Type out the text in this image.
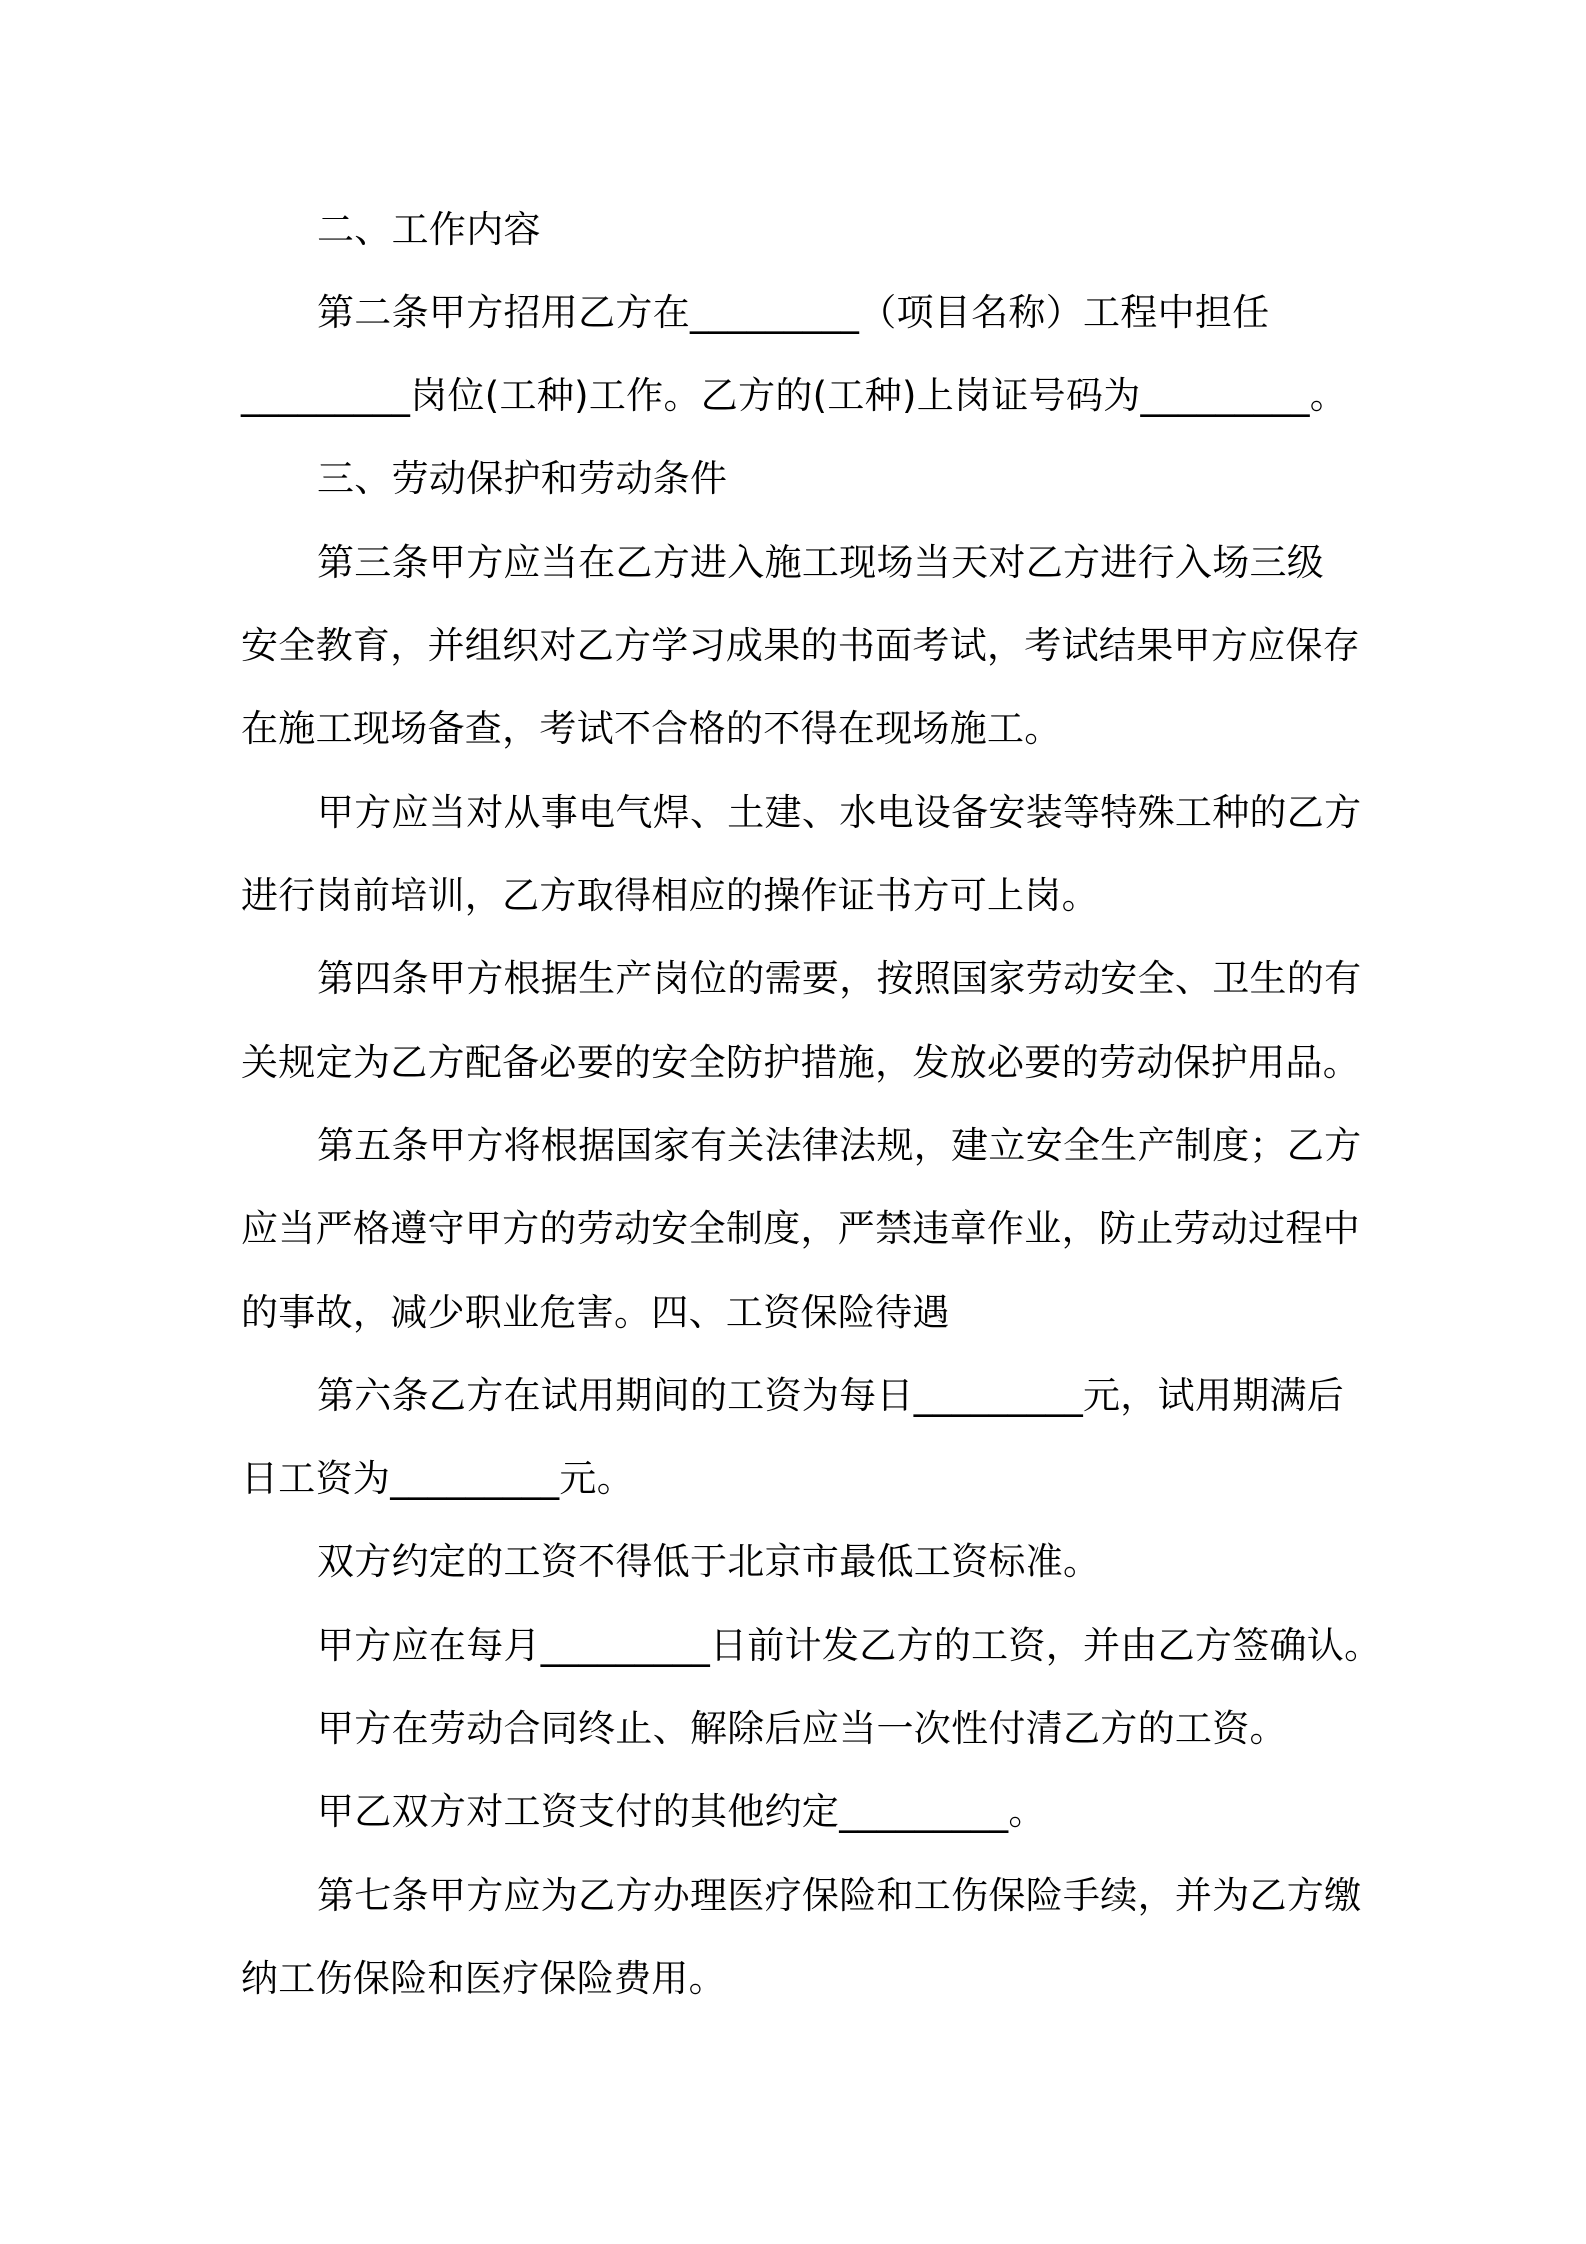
二、工作内容
第二条甲方招用乙方在_________（项目名称）工程中担任
_________岗位(工种)工作。乙方的(工种)上岗证号码为_________。
三、劳动保护和劳动条件
第三条甲方应当在乙方进入施工现场当天对乙方进行入场三级
安全教育，并组织对乙方学习成果的书面考试，考试结果甲方应保存
在施工现场备查，考试不合格的不得在现场施工。
甲方应当对从事电气焊、土建、水电设备安装等特殊工种的乙方
进行岗前培训，乙方取得相应的操作证书方可上岗。
第四条甲方根据生产岗位的需要，按照国家劳动安全、卫生的有
关规定为乙方配备必要的安全防护措施，发放必要的劳动保护用品。
第五条甲方将根据国家有关法律法规，建立安全生产制度；乙方
应当严格遵守甲方的劳动安全制度，严禁违章作业，防止劳动过程中
的事故，减少职业危害。四、工资保险待遇
第六条乙方在试用期间的工资为每日_________元，试用期满后
日工资为_________元。
双方约定的工资不得低于北京市最低工资标准。
甲方应在每月_________日前计发乙方的工资，并由乙方签确认。
甲方在劳动合同终止、解除后应当一次性付清乙方的工资。
甲乙双方对工资支付的其他约定_________。
第七条甲方应为乙方办理医疗保险和工伤保险手续，并为乙方缴
纳工伤保险和医疗保险费用。
